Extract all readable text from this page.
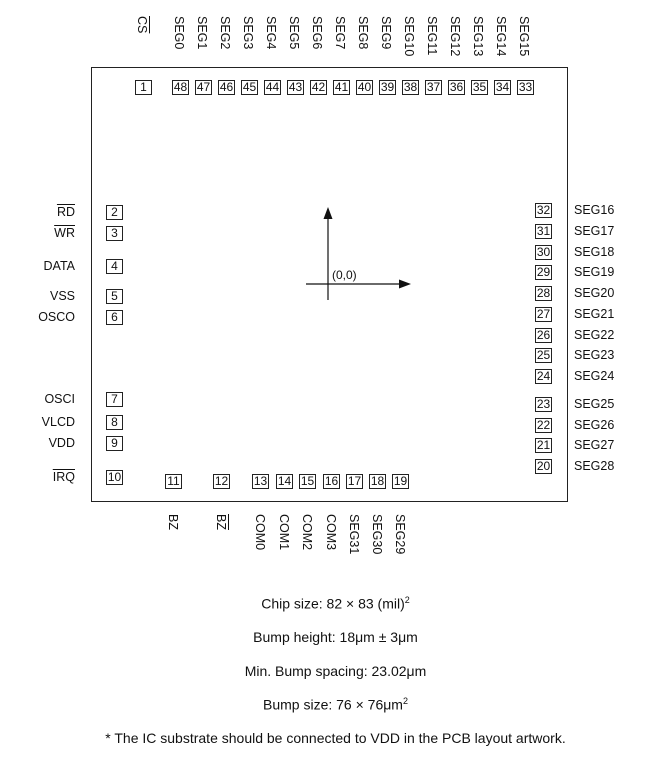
(0,0)
1
$\overline{CS}$
48
SEG0
47
SEG1
46
SEG2
45
SEG3
44
SEG4
43
SEG5
42
SEG6
41
SEG7
40
SEG8
39
SEG9
38
SEG10
37
SEG11
36
SEG12
35
SEG13
34
SEG14
33
SEG15
2
$\overline{RD}$
3
$\overline{WR}$
4
DATA
5
VSS
6
OSCO
7
OSCI
8
VLCD
9
VDD
10
$\overline{IRQ}$	11
BZ
12
$\overline{BZ}$
13
COM0
14
COM1
15
COM2
16
COM3
17
SEG31
18
SEG30
19
SEG29
32 SEG16
31 SEG17
30 SEG18
29 SEG19
28 SEG20
27 SEG21
26 SEG22
25 SEG23
24 SEG24
23 SEG25
22 SEG26
21 SEG27
20 SEG28
Chip size: 82 × 83 (mil)$^2$
Bump height: 18μm ± 3μm
Min. Bump spacing: 23.02μm
Bump size: $76 \times 76\mu m^2$
* The IC substrate should be connected to VDD in the PCB layout artwork.
